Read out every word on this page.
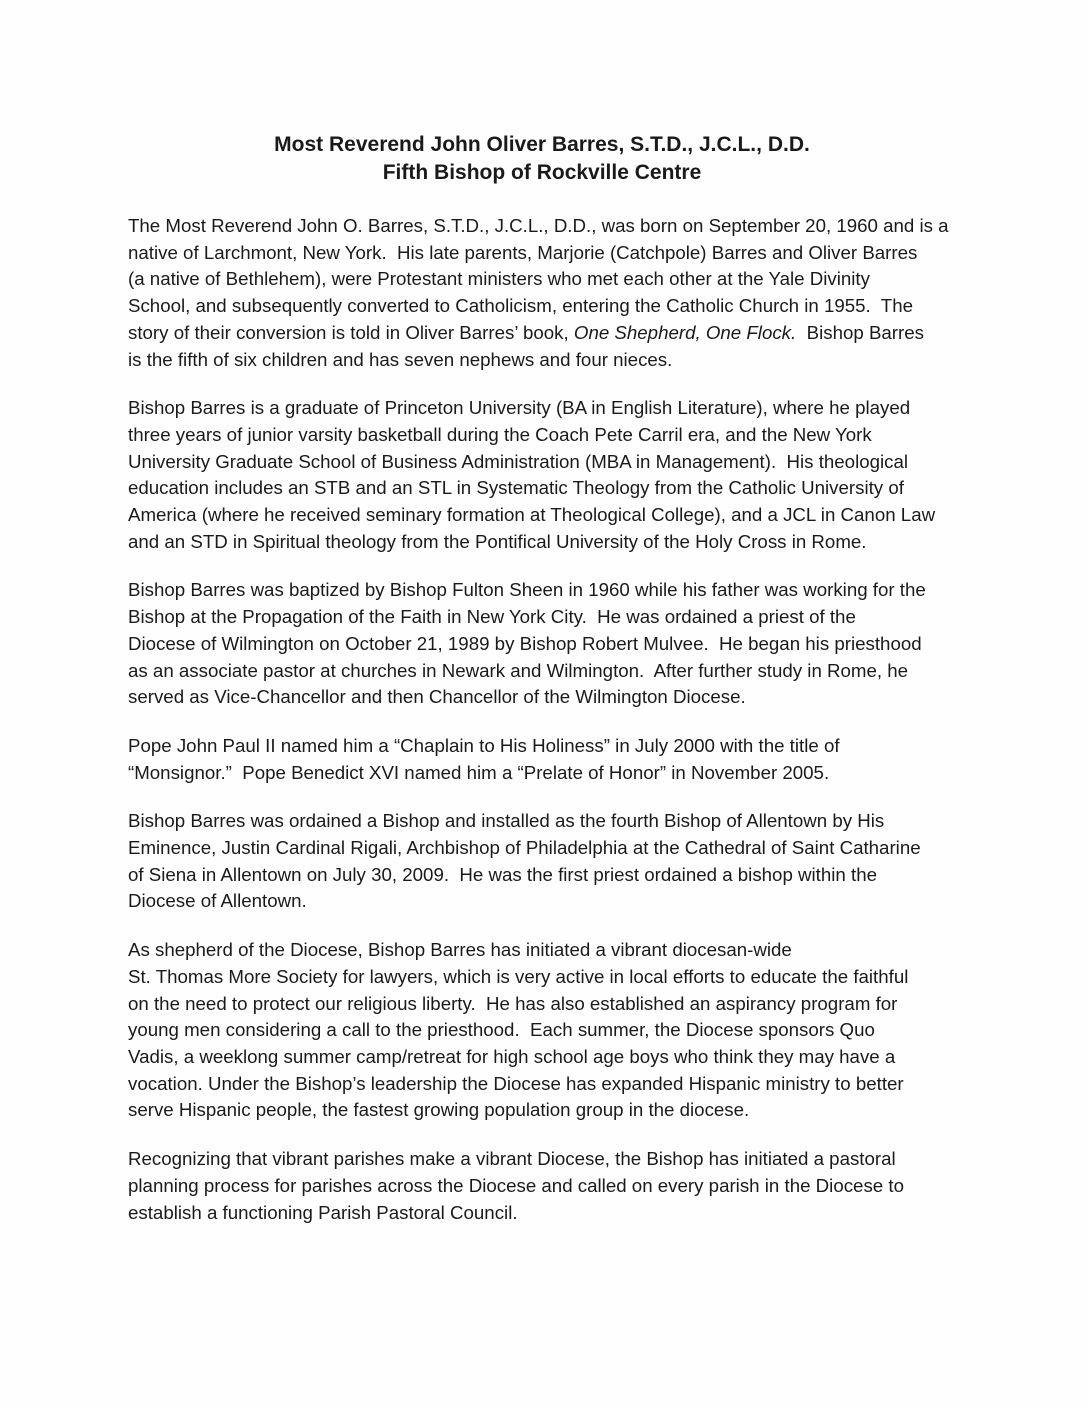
Most Reverend John Oliver Barres, S.T.D., J.C.L., D.D.
Fifth Bishop of Rockville Centre

The Most Reverend John O. Barres, S.T.D., J.C.L., D.D., was born on September 20, 1960 and is a
native of Larchmont, New York.  His late parents, Marjorie (Catchpole) Barres and Oliver Barres
(a native of Bethlehem), were Protestant ministers who met each other at the Yale Divinity
School, and subsequently converted to Catholicism, entering the Catholic Church in 1955.  The
story of their conversion is told in Oliver Barres’ book, One Shepherd, One Flock.  Bishop Barres
is the fifth of six children and has seven nephews and four nieces.

Bishop Barres is a graduate of Princeton University (BA in English Literature), where he played
three years of junior varsity basketball during the Coach Pete Carril era, and the New York
University Graduate School of Business Administration (MBA in Management).  His theological
education includes an STB and an STL in Systematic Theology from the Catholic University of
America (where he received seminary formation at Theological College), and a JCL in Canon Law
and an STD in Spiritual theology from the Pontifical University of the Holy Cross in Rome.

Bishop Barres was baptized by Bishop Fulton Sheen in 1960 while his father was working for the
Bishop at the Propagation of the Faith in New York City.  He was ordained a priest of the
Diocese of Wilmington on October 21, 1989 by Bishop Robert Mulvee.  He began his priesthood
as an associate pastor at churches in Newark and Wilmington.  After further study in Rome, he
served as Vice-Chancellor and then Chancellor of the Wilmington Diocese.

Pope John Paul II named him a “Chaplain to His Holiness” in July 2000 with the title of
“Monsignor.”  Pope Benedict XVI named him a “Prelate of Honor” in November 2005.

Bishop Barres was ordained a Bishop and installed as the fourth Bishop of Allentown by His
Eminence, Justin Cardinal Rigali, Archbishop of Philadelphia at the Cathedral of Saint Catharine
of Siena in Allentown on July 30, 2009.  He was the first priest ordained a bishop within the
Diocese of Allentown.

As shepherd of the Diocese, Bishop Barres has initiated a vibrant diocesan-wide
St. Thomas More Society for lawyers, which is very active in local efforts to educate the faithful
on the need to protect our religious liberty.  He has also established an aspirancy program for
young men considering a call to the priesthood.  Each summer, the Diocese sponsors Quo
Vadis, a weeklong summer camp/retreat for high school age boys who think they may have a
vocation. Under the Bishop’s leadership the Diocese has expanded Hispanic ministry to better
serve Hispanic people, the fastest growing population group in the diocese.

Recognizing that vibrant parishes make a vibrant Diocese, the Bishop has initiated a pastoral
planning process for parishes across the Diocese and called on every parish in the Diocese to
establish a functioning Parish Pastoral Council.
